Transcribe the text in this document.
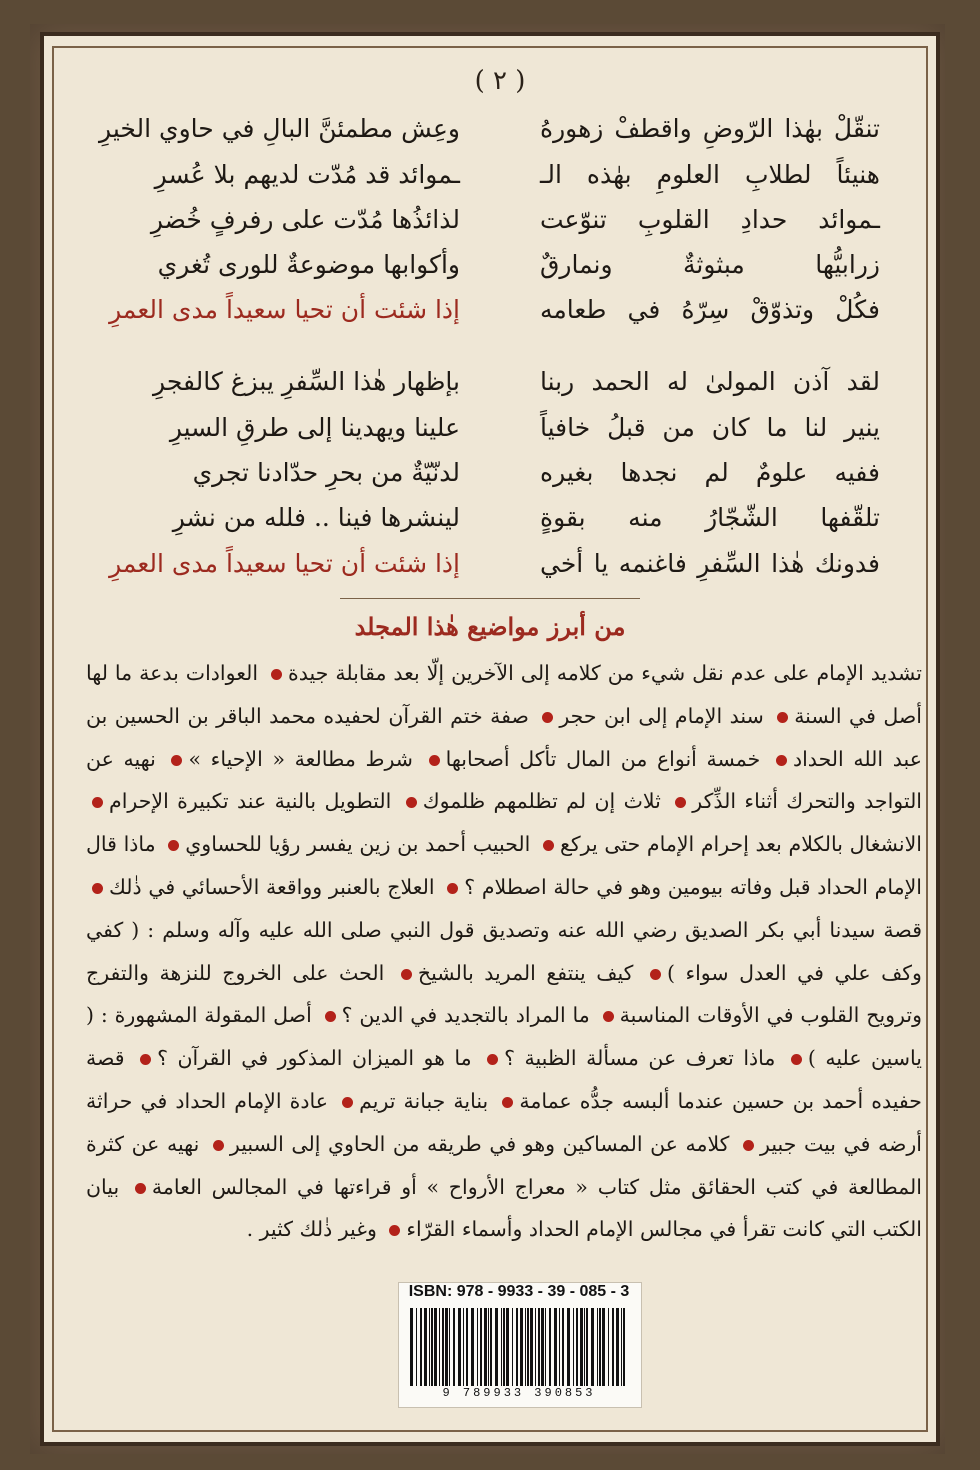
( ٢ )
تنقّلْ بهٰذا الرّوضِ واقطفْ زهورهُ
وعِش مطمئنَّ البالِ في حاوي الخيرِ
هنيئاً لطلابِ العلومِ بهٰذه الـ
ـموائد قد مُدّت لديهم بلا عُسرِ
ـموائد حدادِ القلوبِ تنوّعت
لذائذُها مُدّت على رفرفٍ خُضرِ
زرابيُّها مبثوثةٌ ونمارقٌ
وأكوابها موضوعةٌ للورى تُغري
فكُلْ وتذوّقْ سِرّهُ في طعامه
إذا شئت أن تحيا سعيداً مدى العمرِ
لقد آذن المولىٰ له الحمد ربنا
بإظهار هٰذا السِّفرِ يبزغ كالفجرِ
ينير لنا ما كان من قبلُ خافياً
علينا ويهدينا إلى طرقِ السيرِ
ففيه علومٌ لم نجدها بغيره
لدنّيّةٌ من بحرِ حدّادنا تجري
تلقّفها الشّجّارُ منه بقوةٍ
لينشرها فينا .. فلله من نشرِ
فدونك هٰذا السِّفرِ فاغنمه يا أخي
إذا شئت أن تحيا سعيداً مدى العمرِ
من أبرز مواضيع هٰذا المجلد
تشديد الإمام على عدم نقل شيء من كلامه إلى الآخرين إلّا بعد مقابلة جيدة العوادات بدعة ما لها أصل في السنة سند الإمام إلى ابن حجر صفة ختم القرآن لحفيده محمد الباقر بن الحسين بن عبد الله الحداد خمسة أنواع من المال تأكل أصحابها شرط مطالعة « الإحياء » نهيه عن التواجد والتحرك أثناء الذِّكر ثلاث إن لم تظلمهم ظلموك التطويل بالنية عند تكبيرة الإحرام الانشغال بالكلام بعد إحرام الإمام حتى يركع الحبيب أحمد بن زين يفسر رؤيا للحساوي ماذا قال الإمام الحداد قبل وفاته بيومين وهو في حالة اصطلام ؟ العلاج بالعنبر وواقعة الأحسائي في ذٰلك قصة سيدنا أبي بكر الصديق رضي الله عنه وتصديق قول النبي صلى الله عليه وآله وسلم : ( كفي وكف علي في العدل سواء ) كيف ينتفع المريد بالشيخ الحث على الخروج للنزهة والتفرج وترويح القلوب في الأوقات المناسبة ما المراد بالتجديد في الدين ؟ أصل المقولة المشهورة : ( ياسين عليه ) ماذا تعرف عن مسألة الظبية ؟ ما هو الميزان المذكور في القرآن ؟ قصة حفيده أحمد بن حسين عندما ألبسه جدُّه عمامة بناية جبانة تريم عادة الإمام الحداد في حراثة أرضه في بيت جبير كلامه عن المساكين وهو في طريقه من الحاوي إلى السبير نهيه عن كثرة المطالعة في كتب الحقائق مثل كتاب « معراج الأرواح » أو قراءتها في المجالس العامة بيان الكتب التي كانت تقرأ في مجالس الإمام الحداد وأسماء القرّاء وغير ذٰلك كثير .
ISBN: 978 - 9933 - 39 - 085 - 3
9 789933 390853
